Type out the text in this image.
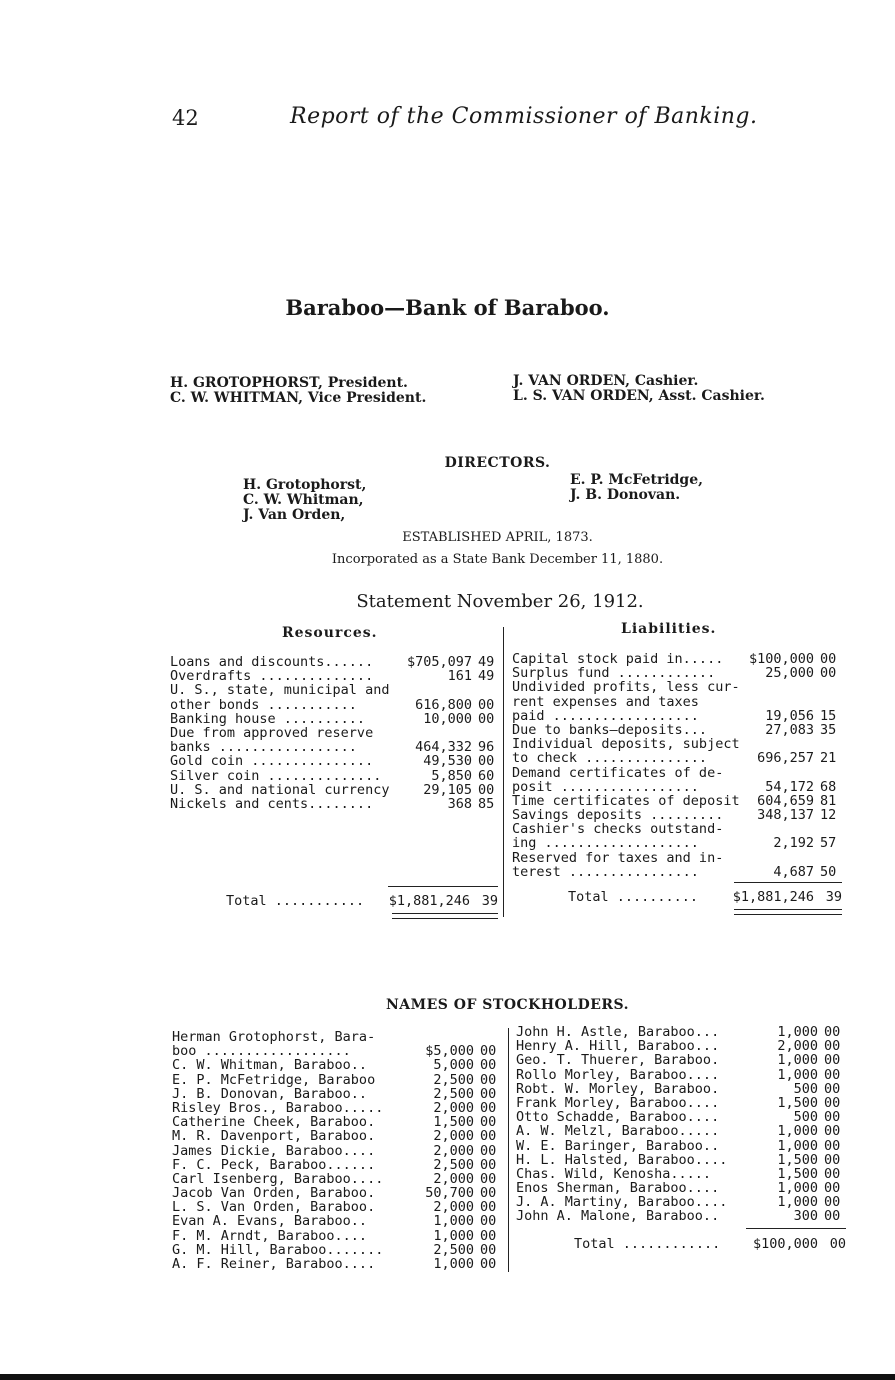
42	Report of the Commissioner of Banking.
Baraboo—Bank of Baraboo.
H. GROTOPHORST, President.
C. W. WHITMAN, Vice President.
J. VAN ORDEN, Cashier.
L. S. VAN ORDEN, Asst. Cashier.
DIRECTORS.
H. Grotophorst,
C. W. Whitman,
J. Van Orden,
E. P. McFetridge,
J. B. Donovan.
ESTABLISHED APRIL, 1873.
Incorporated as a State Bank December 11, 1880.
Statement November 26, 1912.
Resources.	Liabilities.
Loans and discounts......	$705,097 49
Overdrafts ..............	161 49
U. S., state, municipal and
other bonds ...........	616,800 00
Banking house ..........	10,000 00
Due from approved reserve
banks .................	464,332 96
Gold coin ...............	49,530 00
Silver coin ..............	5,850 60
U. S. and national currency	29,105 00
Nickels and cents........	368 85
Capital stock paid in..... $100,000 00
Surplus fund ............	25,000 00
Undivided profits, less cur-
rent expenses and taxes
paid ..................	19,056 15
Due to banks—deposits...	27,083 35
Individual deposits, subject
to check ...............	696,257 21
Demand certificates of de-
posit .................	54,172 68
Time certificates of deposit 604,659 81
Savings deposits .........	348,137 12
Cashier's checks outstand-
ing ...................	2,192 57
Reserved for taxes and in-
terest ................	4,687 50
Total ........... $1,881,246 39	Total ..........	$1,881,246 39
NAMES OF STOCKHOLDERS.
Herman Grotophorst, Bara-
boo ..................	$5,000 00
C. W. Whitman, Baraboo..	5,000 00
E. P. McFetridge, Baraboo	2,500 00
J. B. Donovan, Baraboo..	2,500 00
Risley Bros., Baraboo.....	2,000 00
Catherine Cheek, Baraboo.	1,500 00
M. R. Davenport, Baraboo.	2,000 00
James Dickie, Baraboo....	2,000 00
F. C. Peck, Baraboo......	2,500 00
Carl Isenberg, Baraboo....	2,000 00
Jacob Van Orden, Baraboo.	50,700 00
L. S. Van Orden, Baraboo.	2,000 00
Evan A. Evans, Baraboo..	1,000 00
F. M. Arndt, Baraboo....	1,000 00
G. M. Hill, Baraboo.......	2,500 00
A. F. Reiner, Baraboo....	1,000 00
John H. Astle, Baraboo...	1,000 00
Henry A. Hill, Baraboo...	2,000 00
Geo. T. Thuerer, Baraboo.	1,000 00
Rollo Morley, Baraboo....	1,000 00
Robt. W. Morley, Baraboo.	500 00
Frank Morley, Baraboo....	1,500 00
Otto Schadde, Baraboo....	500 00
A. W. Melzl, Baraboo.....	1,000 00
W. E. Baringer, Baraboo..	1,000 00
H. L. Halsted, Baraboo....	1,500 00
Chas. Wild, Kenosha.....	1,500 00
Enos Sherman, Baraboo....	1,000 00
J. A. Martiny, Baraboo....	1,000 00
John A. Malone, Baraboo..	300 00
Total ............ $100,000 00
